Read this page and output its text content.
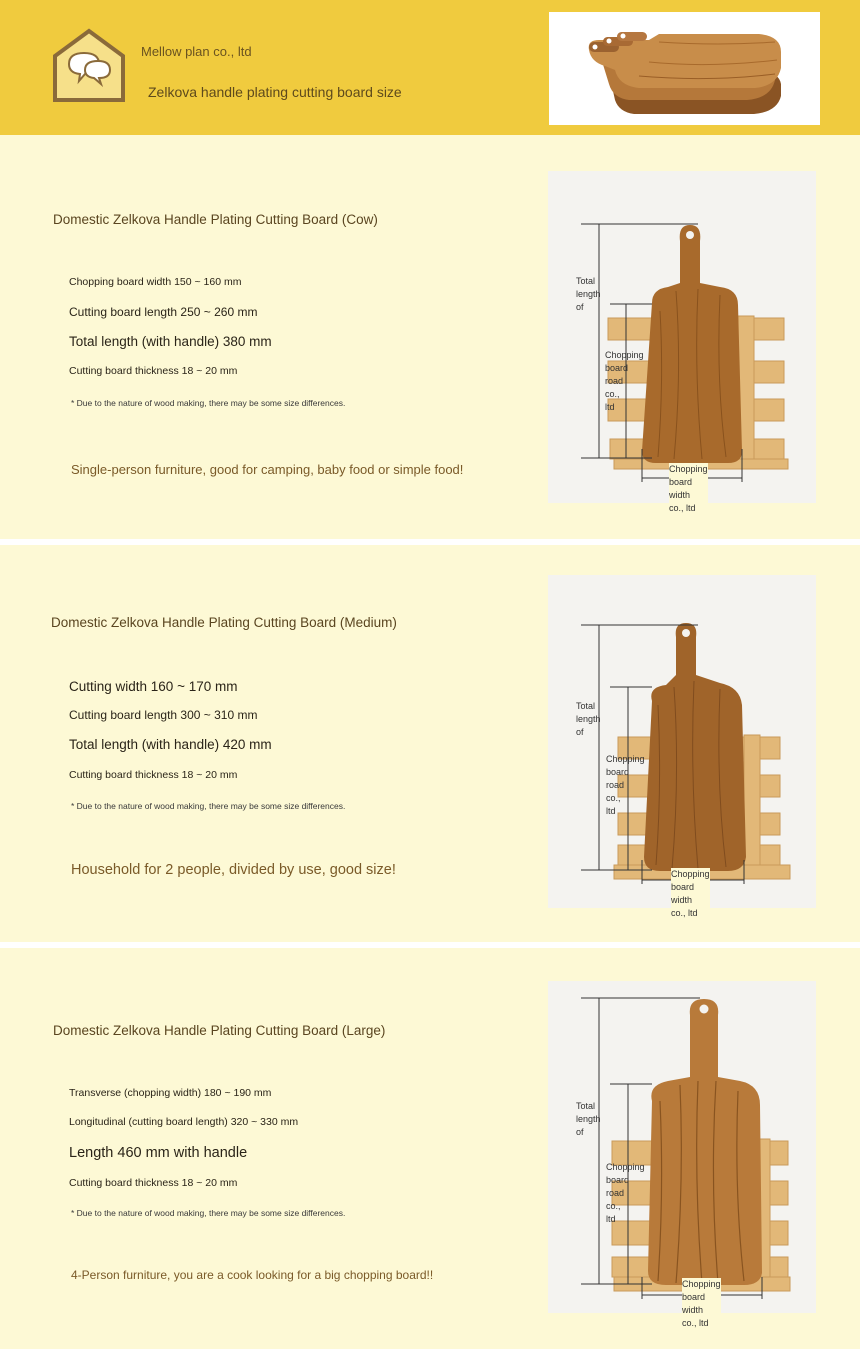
Mellow plan co., ltd
Zelkova handle plating cutting board size
Domestic Zelkova Handle Plating Cutting Board (Cow)
Chopping board width 150 ~ 160 mm
Cutting board length 250 ~ 260 mm
Total length (with handle) 380 mm
Cutting board thickness 18 ~ 20 mm
* Due to the nature of wood making, there may be some size differences.
Single-person furniture, good for camping, baby food or simple food!
Total
length
of
Chopping
board
road
co.,
ltd
Chopping
board
width
co., ltd
Domestic Zelkova Handle Plating Cutting Board (Medium)
Cutting width 160 ~ 170 mm
Cutting board length 300 ~ 310 mm
Total length (with handle) 420 mm
Cutting board thickness 18 ~ 20 mm
* Due to the nature of wood making, there may be some size differences.
Household for 2 people, divided by use, good size!
Total
length
of
Chopping
board
road
co.,
ltd
Chopping
board
width
co., ltd
Domestic Zelkova Handle Plating Cutting Board (Large)
Transverse (chopping width) 180 ~ 190 mm
Longitudinal (cutting board length) 320 ~ 330 mm
Length 460 mm with handle
Cutting board thickness 18 ~ 20 mm
* Due to the nature of wood making, there may be some size differences.
4-Person furniture, you are a cook looking for a big chopping board!!
Total
length
of
Chopping
board
road
co.,
ltd
Chopping
board
width
co., ltd
